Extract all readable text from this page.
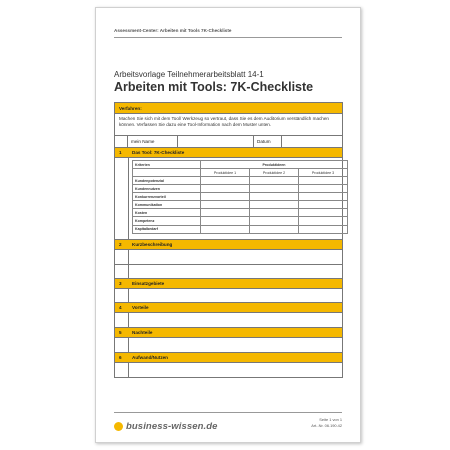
Assessment-Center: Arbeiten mit Tools 7K-Checkliste
Arbeitsvorlage Teilnehmerarbeitsblatt 14-1
Arbeiten mit Tools: 7K-Checkliste
Verfahren:
Machen Sie sich mit dem Tool/ Werkzeug so vertraut, dass Sie es dem Auditorium verständlich machen können. Verfassen Sie dazu eine Tool-Information nach dem Muster unten.
mein Name	Datum
1	Das Tool: 7K-Checkliste
Kriterien	Produktideen		
	Produktidee 1	Produktidee 2	Produktidee 3
Kundenpotenzial			
Kundennutzen			
Konkurrenzvorteil			
Kommunikation			
Kosten			
Kompetenz			
Kapitalbedarf			
2	Kurzbeschreibung
3	Einsatzgebiete
4	Vorteile
5	Nachteile
6	Aufwand/Nutzen
business-wissen.de
Seite 1 von 1
Art.-Nr. 06.190.42
